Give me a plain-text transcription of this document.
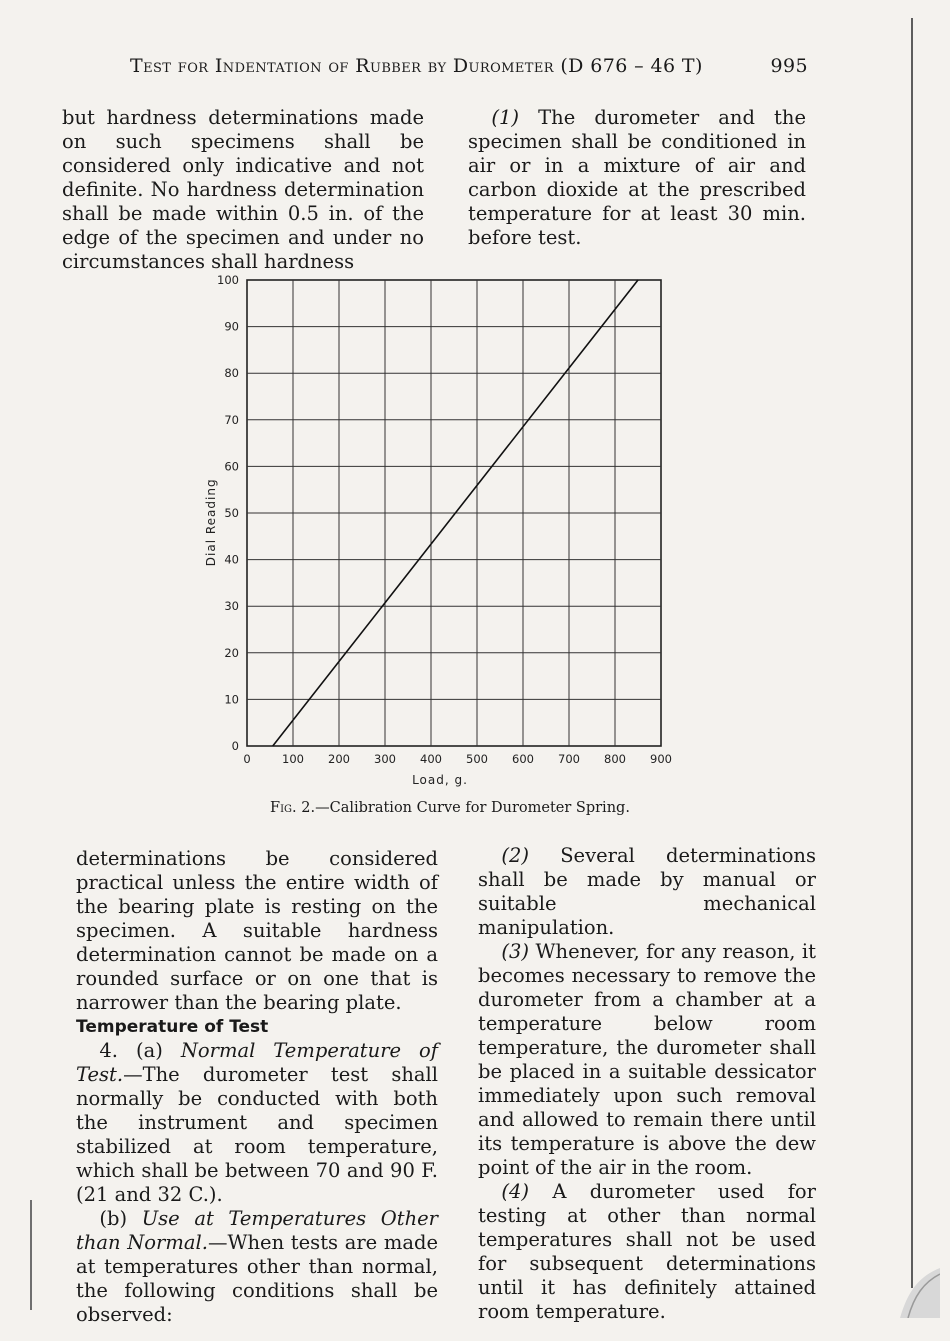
Test for Indentation of Rubber by Durometer (D 676 – 46 T)	995

but hardness determinations made on such specimens shall be considered only indicative and not definite. No hardness determination shall be made within 0.5 in. of the edge of the specimen and under no circumstances shall hardness

(1) The durometer and the specimen shall be conditioned in air or in a mixture of air and carbon dioxide at the prescribed temperature for at least 30 min. before test.

0	100 200 300 400 500 600 700 800 900
0
10
20
30
40
50
60
70
80
90
100
Load, g.
Dial Reading
Fig. 2.—Calibration Curve for Durometer Spring.

determinations be considered practical unless the entire width of the bearing plate is resting on the specimen. A suitable hardness determination cannot be made on a rounded surface or on one that is narrower than the bearing plate.

Temperature of Test

4. (a) Normal Temperature of Test.—The durometer test shall normally be conducted with both the instrument and specimen stabilized at room temperature, which shall be between 70 and 90 F. (21 and 32 C.).

(b) Use at Temperatures Other than Normal.—When tests are made at temperatures other than normal, the following conditions shall be observed:

(2) Several determinations shall be made by manual or suitable mechanical manipulation.

(3) Whenever, for any reason, it becomes necessary to remove the durometer from a chamber at a temperature below room temperature, the durometer shall be placed in a suitable dessicator immediately upon such removal and allowed to remain there until its temperature is above the dew point of the air in the room.

(4) A durometer used for testing at other than normal temperatures shall not be used for subsequent determinations until it has definitely attained room temperature.
